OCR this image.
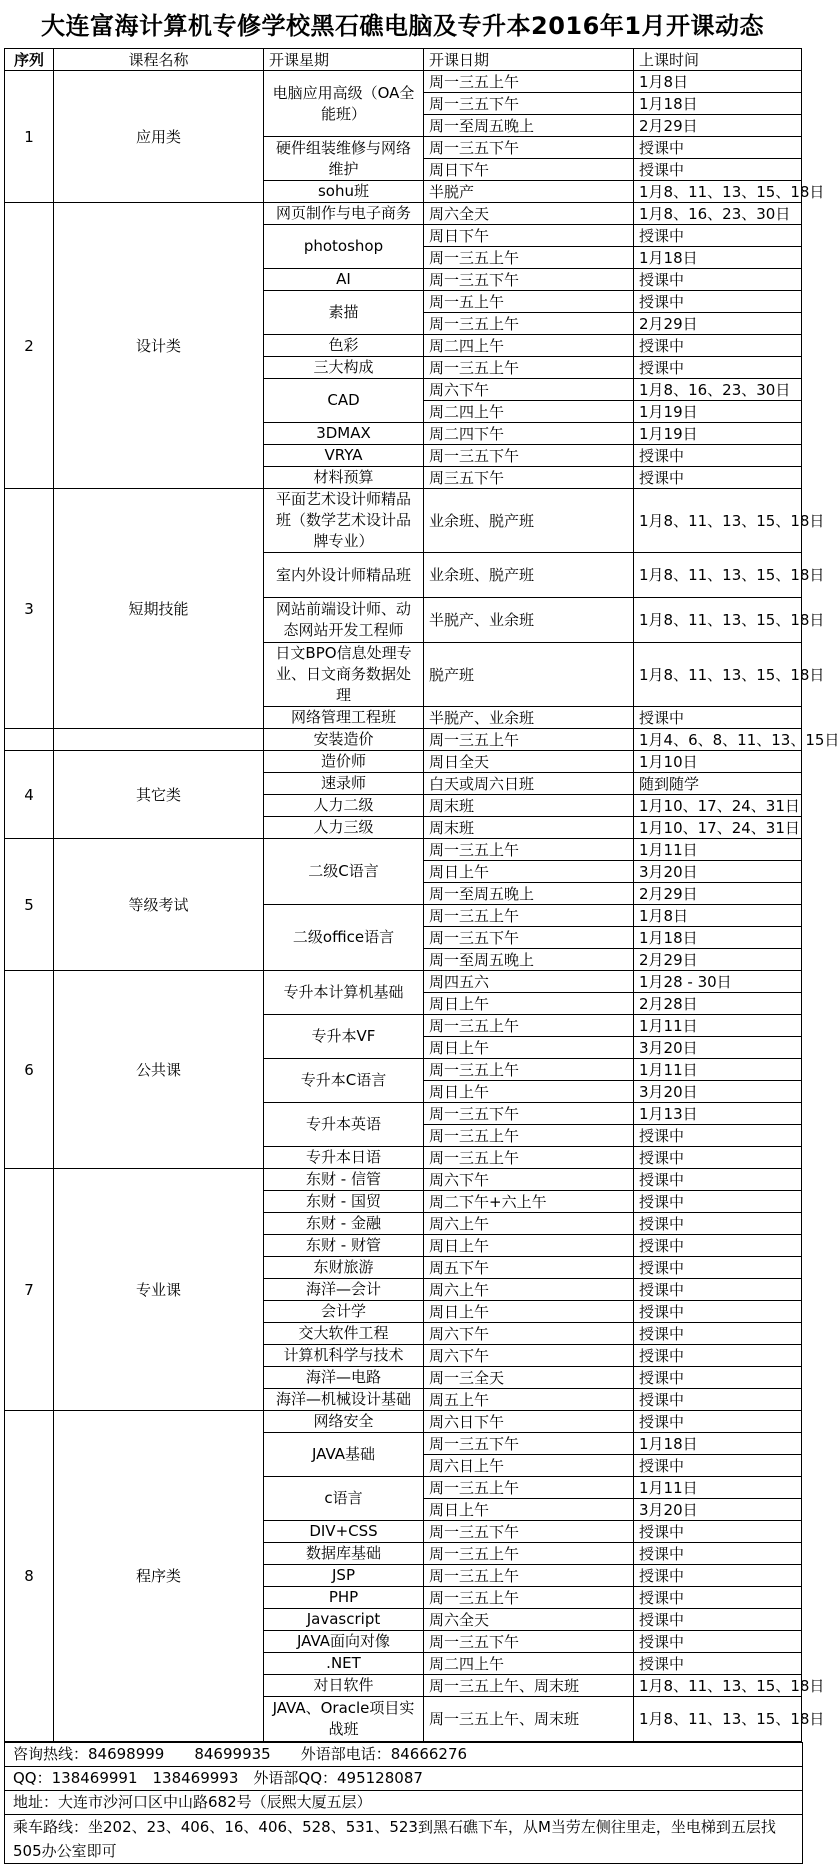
大连富海计算机专修学校黑石礁电脑及专升本2016年1月开课动态
序列	课程名称	开课星期	开课日期	上课时间	
1	应用类	电脑应用高级（OA全能班）	周一三五上午	1月8日	
			周一三五下午	1月18日	
			周一至周五晚上	2月29日	
		硬件组装维修与网络维护	周一三五下午	授课中	
			周日下午	授课中	
		sohu班	半脱产	1月8、11、13、15、18日	
2	设计类	网页制作与电子商务	周六全天	1月8、16、23、30日	
		photoshop	周日下午	授课中	
			周一三五上午	1月18日	
		AI	周一三五下午	授课中	
		素描	周一五上午	授课中	
			周一三五上午	2月29日	
		色彩	周二四上午	授课中	
		三大构成	周一三五上午	授课中	
		CAD	周六下午	1月8、16、23、30日	
			周二四上午	1月19日	
		3DMAX	周二四下午	1月19日	
		VRYA	周一三五下午	授课中	
		材料预算	周三五下午	授课中	
3	短期技能	平面艺术设计师精品班（数学艺术设计品牌专业）	业余班、脱产班	1月8、11、13、15、18日	
		室内外设计师精品班	业余班、脱产班	1月8、11、13、15、18日	
		网站前端设计师、动态网站开发工程师	半脱产、业余班	1月8、11、13、15、18日	
		日文BPO信息处理专业、日文商务数据处理	脱产班	1月8、11、13、15、18日	
		网络管理工程班	半脱产、业余班	授课中	
		安装造价	周一三五上午	1月4、6、8、11、13、15日	
4	其它类	造价师	周日全天	1月10日	
		速录师	白天或周六日班	随到随学	
		人力二级	周末班	1月10、17、24、31日	
		人力三级	周末班	1月10、17、24、31日	
5	等级考试	二级C语言	周一三五上午	1月11日	
			周日上午	3月20日	
			周一至周五晚上	2月29日	
		二级office语言	周一三五上午	1月8日	
			周一三五下午	1月18日	
			周一至周五晚上	2月29日	
6	公共课	专升本计算机基础	周四五六	1月28 - 30日	
			周日上午	2月28日	
		专升本VF	周一三五上午	1月11日	
			周日上午	3月20日	
		专升本C语言	周一三五上午	1月11日	
			周日上午	3月20日	
		专升本英语	周一三五下午	1月13日	
			周一三五上午	授课中	
		专升本日语	周一三五上午	授课中	
7	专业课	东财 - 信管	周六下午	授课中	
		东财 - 国贸	周二下午+六上午	授课中	
		东财 - 金融	周六上午	授课中	
		东财 - 财管	周日上午	授课中	
		东财旅游	周五下午	授课中	
		海洋—会计	周六上午	授课中	
		会计学	周日上午	授课中	
		交大软件工程	周六下午	授课中	
		计算机科学与技术	周六下午	授课中	
		海洋—电路	周一三全天	授课中	
		海洋—机械设计基础	周五上午	授课中	
8	程序类	网络安全	周六日下午	授课中	
		JAVA基础	周一三五下午	1月18日	
			周六日上午	授课中	
		c语言	周一三五上午	1月11日	
			周日上午	3月20日	
		DIV+CSS	周一三五下午	授课中	
		数据库基础	周一三五上午	授课中	
		JSP	周一三五上午	授课中	
		PHP	周一三五上午	授课中	
		Javascript	周六全天	授课中	
		JAVA面向对像	周一三五下午	授课中	
		.NET	周二四上午	授课中	
		对日软件	周一三五上午、周末班	1月8、11、13、15、18日	
		JAVA、Oracle项目实战班	周一三五上午、周末班	1月8、11、13、15、18日	
咨询热线：84698999　　84699935　　外语部电话：84666276
QQ：138469991　138469993　外语部QQ：495128087
地址：大连市沙河口区中山路682号（辰熙大厦五层）
乘车路线：坐202、23、406、16、406、528、531、523到黑石礁下车，从M当劳左侧往里走，坐电梯到五层找505办公室即可
